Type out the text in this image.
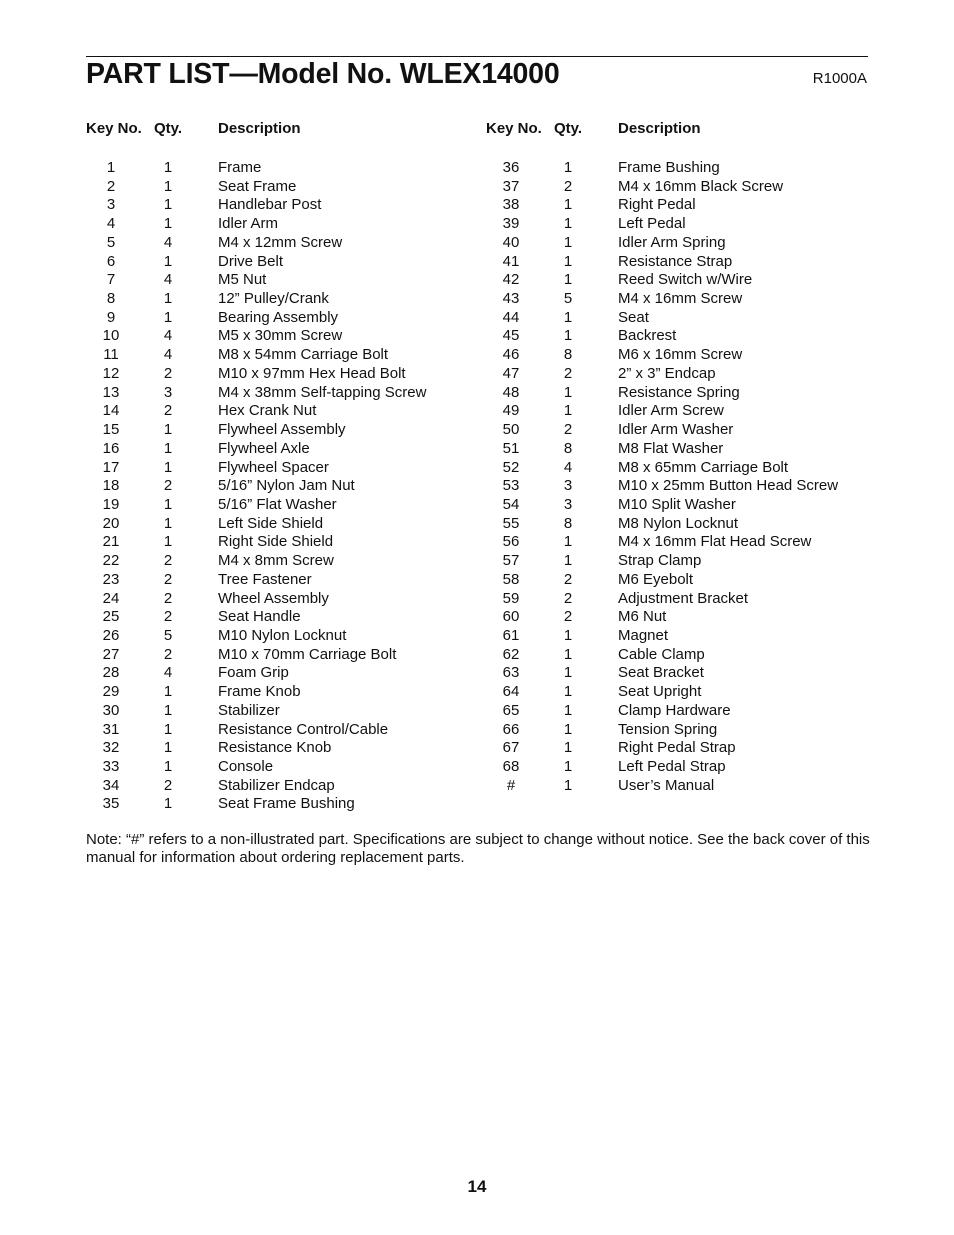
PART LIST—Model No. WLEX14000	R1000A
Key No. Qty. Description
1	1	Frame
2	1	Seat Frame
3	1	Handlebar Post
4	1	Idler Arm
5	4	M4 x 12mm Screw
6	1	Drive Belt
7	4	M5 Nut
8	1	12” Pulley/Crank
9	1	Bearing Assembly
10	4	M5 x 30mm Screw
11	4	M8 x 54mm Carriage Bolt
12	2	M10 x 97mm Hex Head Bolt
13	3	M4 x 38mm Self-tapping Screw
14	2	Hex Crank Nut
15	1	Flywheel Assembly
16	1	Flywheel Axle
17	1	Flywheel Spacer
18	2	5/16” Nylon Jam Nut
19	1	5/16” Flat Washer
20	1	Left Side Shield
21	1	Right Side Shield
22	2	M4 x 8mm Screw
23	2	Tree Fastener
24	2	Wheel Assembly
25	2	Seat Handle
26	5	M10 Nylon Locknut
27	2	M10 x 70mm Carriage Bolt
28	4	Foam Grip
29	1	Frame Knob
30	1	Stabilizer
31	1	Resistance Control/Cable
32	1	Resistance Knob
33	1	Console
34	2	Stabilizer Endcap
35	1	Seat Frame Bushing
Key No. Qty. Description
36	1	Frame Bushing
37	2	M4 x 16mm Black Screw
38	1	Right Pedal
39	1	Left Pedal
40	1	Idler Arm Spring
41	1	Resistance Strap
42	1	Reed Switch w/Wire
43	5	M4 x 16mm Screw
44	1	Seat
45	1	Backrest
46	8	M6 x 16mm Screw
47	2	2” x 3” Endcap
48	1	Resistance Spring
49	1	Idler Arm Screw
50	2	Idler Arm Washer
51	8	M8 Flat Washer
52	4	M8 x 65mm Carriage Bolt
53	3	M10 x 25mm Button Head Screw
54	3	M10 Split Washer
55	8	M8 Nylon Locknut
56	1	M4 x 16mm Flat Head Screw
57	1	Strap Clamp
58	2	M6 Eyebolt
59	2	Adjustment Bracket
60	2	M6 Nut
61	1	Magnet
62	1	Cable Clamp
63	1	Seat Bracket
64	1	Seat Upright
65	1	Clamp Hardware
66	1	Tension Spring
67	1	Right Pedal Strap
68	1	Left Pedal Strap
#	1	User’s Manual
Note: “#” refers to a non-illustrated part. Specifications are subject to change without notice. See the back cover of this manual for information about ordering replacement parts.
14
